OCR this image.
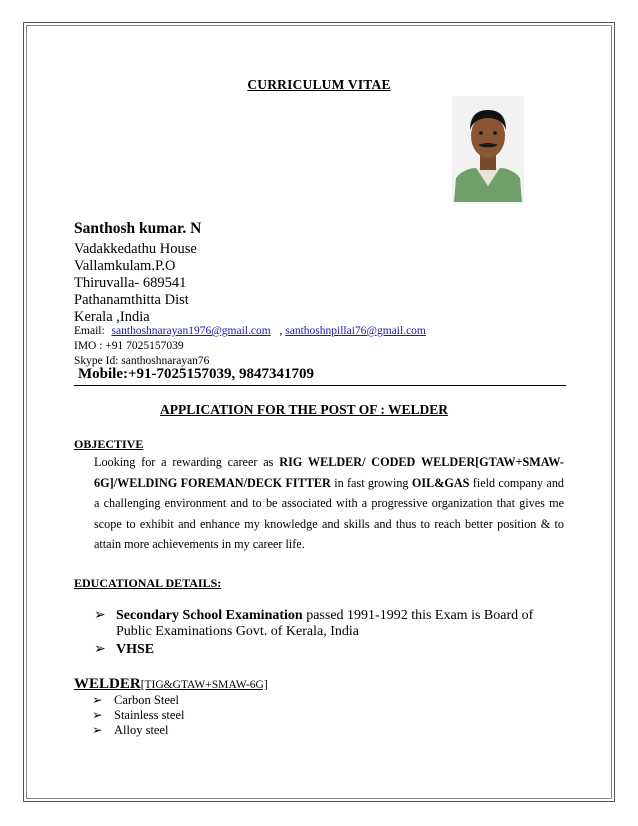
CURRICULUM VITAE
Santhosh kumar. N
Vadakkedathu House
Vallamkulam.P.O
Thiruvalla- 689541
Pathanamthitta Dist
Kerala ,India
Email: santhoshnarayan1976@gmail.com , santhoshnpillai76@gmail.com
IMO : +91 7025157039
Skype Id: santhoshnarayan76
Mobile:+91-7025157039, 9847341709
APPLICATION FOR THE POST OF : WELDER
OBJECTIVE
Looking for a rewarding career as RIG WELDER/ CODED WELDER[GTAW+SMAW-6G]/WELDING FOREMAN/DECK FITTER in fast growing OIL&GAS field company and a challenging environment and to be associated with a progressive organization that gives me scope to exhibit and enhance my knowledge and skills and thus to reach better position & to attain more achievements in my career life.
EDUCATIONAL DETAILS:
➢ Secondary School Examination passed 1991-1992 this Exam is Board of
Public Examinations Govt. of Kerala, India
➢ VHSE
WELDER[TIG&GTAW+SMAW-6G]
➢ Carbon Steel
➢ Stainless steel
➢ Alloy steel
